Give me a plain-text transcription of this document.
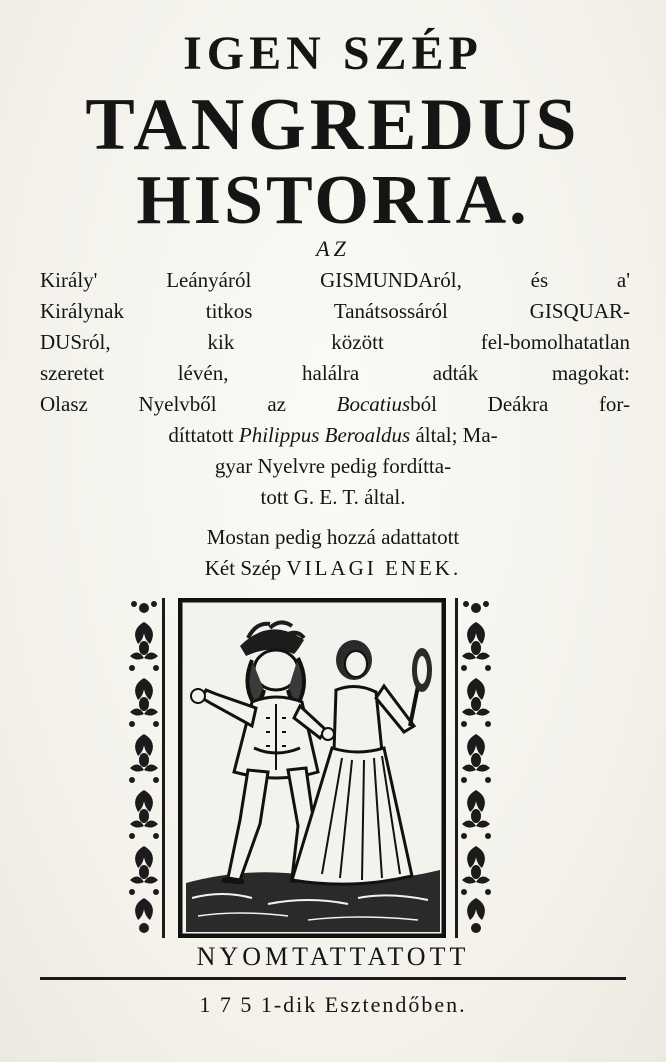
IGEN SZÉP
TANGREDUS
HISTORIA.
AZ
Király' Leányáról GISMUNDAról, és a'
Királynak titkos Tanátsossáról GISQUAR-
DUSról, kik között fel-bomolhatatlan
szeretet lévén, halálra adták magokat:
Olasz Nyelvből az Bocatiusból Deákra for-
díttatott Philippus Beroaldus által; Ma-
gyar Nyelvre pedig fordítta-
tott G. E. T. által.
Mostan pedig hozzá adattatott
Két Szép VILAGI ENEK.
NYOMTATTATOTT
1 7 5 1-dik Esztendőben.
